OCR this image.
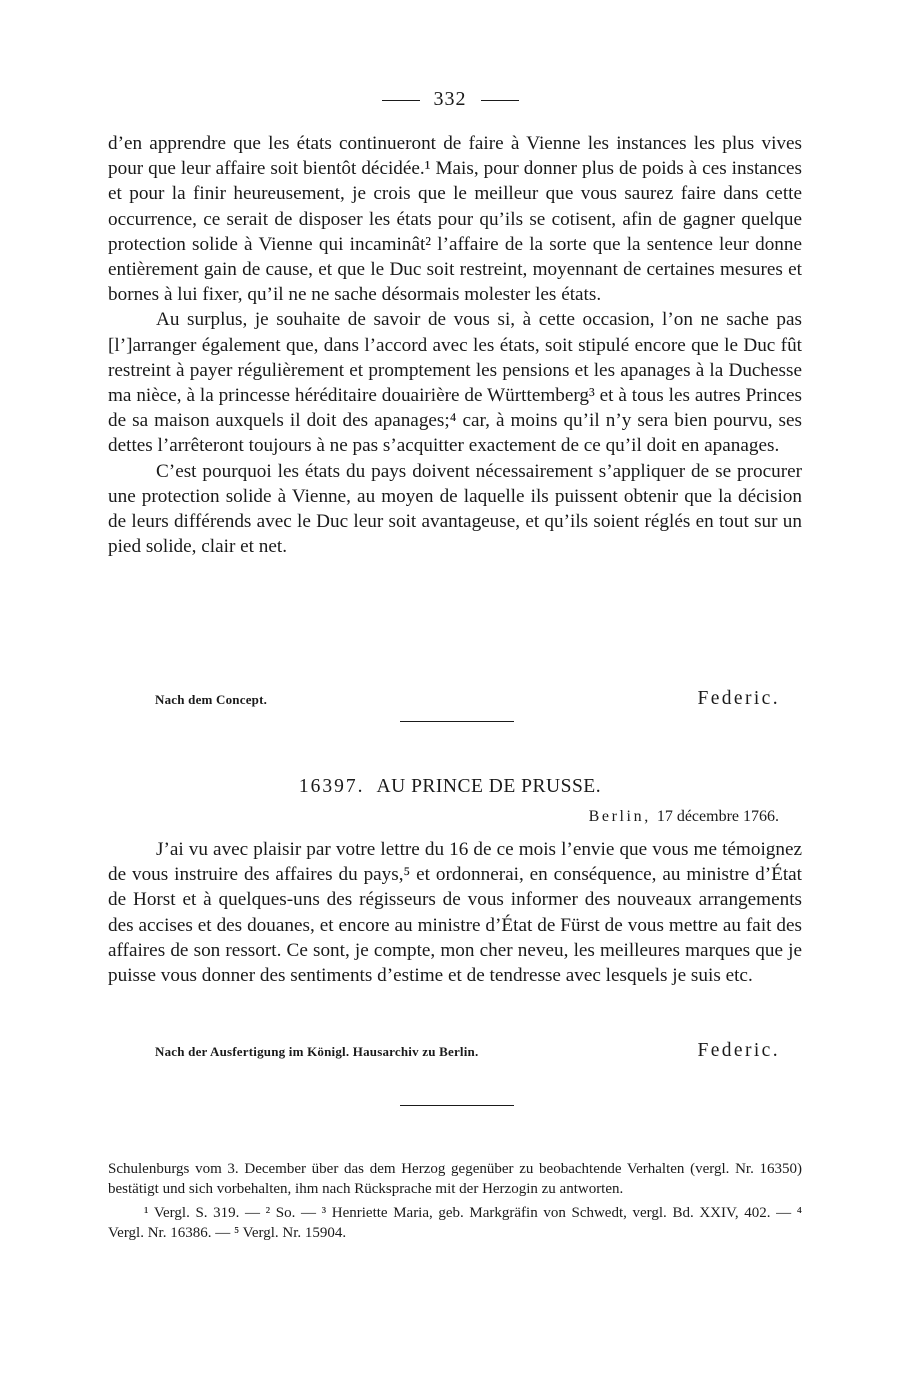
332

d’en apprendre que les états continueront de faire à Vienne les instances les plus vives pour que leur affaire soit bientôt décidée.¹ Mais, pour donner plus de poids à ces instances et pour la finir heureusement, je crois que le meilleur que vous saurez faire dans cette occurrence, ce serait de disposer les états pour qu’ils se cotisent, afin de gagner quelque protection solide à Vienne qui incaminât² l’affaire de la sorte que la sentence leur donne entièrement gain de cause, et que le Duc soit restreint, moyennant de certaines mesures et bornes à lui fixer, qu’il ne ne sache désormais molester les états.

Au surplus, je souhaite de savoir de vous si, à cette occasion, l’on ne sache pas [l’]arranger également que, dans l’accord avec les états, soit stipulé encore que le Duc fût restreint à payer régulièrement et promptement les pensions et les apanages à la Duchesse ma nièce, à la princesse héréditaire douairière de Württemberg³ et à tous les autres Princes de sa maison auxquels il doit des apanages;⁴ car, à moins qu’il n’y sera bien pourvu, ses dettes l’arrêteront toujours à ne pas s’acquitter exactement de ce qu’il doit en apanages.

C’est pourquoi les états du pays doivent nécessairement s’appliquer de se procurer une protection solide à Vienne, au moyen de laquelle ils puissent obtenir que la décision de leurs différends avec le Duc leur soit avantageuse, et qu’ils soient réglés en tout sur un pied solide, clair et net.

Nach dem Concept.	Federic.
16397. AU PRINCE DE PRUSSE.
Berlin, 17 décembre 1766.

J’ai vu avec plaisir par votre lettre du 16 de ce mois l’envie que vous me témoignez de vous instruire des affaires du pays,⁵ et ordonnerai, en conséquence, au ministre d’État de Horst et à quelques-uns des régisseurs de vous informer des nouveaux arrangements des accises et des douanes, et encore au ministre d’État de Fürst de vous mettre au fait des affaires de son ressort. Ce sont, je compte, mon cher neveu, les meilleures marques que je puisse vous donner des sentiments d’estime et de tendresse avec lesquels je suis etc.

Nach der Ausfertigung im Königl. Hausarchiv zu Berlin.	Federic.

Schulenburgs vom 3. December über das dem Herzog gegenüber zu beobachtende Verhalten (vergl. Nr. 16350) bestätigt und sich vorbehalten, ihm nach Rücksprache mit der Herzogin zu antworten.

¹ Vergl. S. 319. — ² So. — ³ Henriette Maria, geb. Markgräfin von Schwedt, vergl. Bd. XXIV, 402. — ⁴ Vergl. Nr. 16386. — ⁵ Vergl. Nr. 15904.
